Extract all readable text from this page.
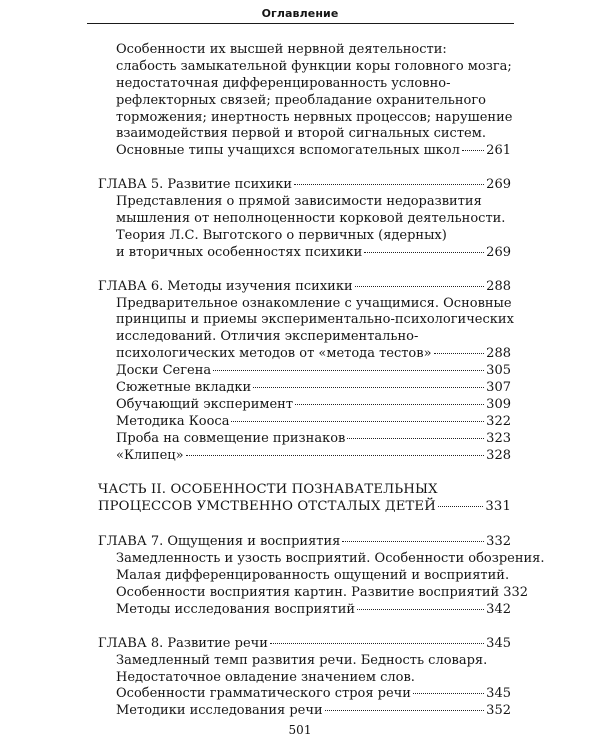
Оглавление
Особенности их высшей нервной деятельности:
слабость замыкательной функции коры головного мозга;
недостаточная дифференцированность условно-
рефлекторных связей; преобладание охранительного
торможения; инертность нервных процессов; нарушение
взаимодействия первой и второй сигнальных систем.
Основные типы учащихся вспомогательных школ 261
ГЛАВА 5. Развитие психики	269
Представления о прямой зависимости недоразвития
мышления от неполноценности корковой деятельности.
Теория Л.С. Выготского о первичных (ядерных)
и вторичных особенностях психики	269
ГЛАВА 6. Методы изучения психики	288
Предварительное ознакомление с учащимися. Основные
принципы и приемы экспериментально-психологических
исследований. Отличия экспериментально-
психологических методов от «метода тестов»	288
Доски Сегена	305
Сюжетные вкладки	307
Обучающий эксперимент	309
Методика Кооса	322
Проба на совмещение признаков	323
«Клипец»	328
ЧАСТЬ II. ОСОБЕННОСТИ ПОЗНАВАТЕЛЬНЫХ
ПРОЦЕССОВ УМСТВЕННО ОТСТАЛЫХ ДЕТЕЙ	331
ГЛАВА 7. Ощущения и восприятия	332
Замедленность и узость восприятий. Особенности обозрения.
Малая дифференцированность ощущений и восприятий.
Особенности восприятия картин. Развитие восприятий 332
Методы исследования восприятий	342
ГЛАВА 8. Развитие речи	345
Замедленный темп развития речи. Бедность словаря.
Недостаточное овладение значением слов.
Особенности грамматического строя речи	345
Методики исследования речи	352
501
